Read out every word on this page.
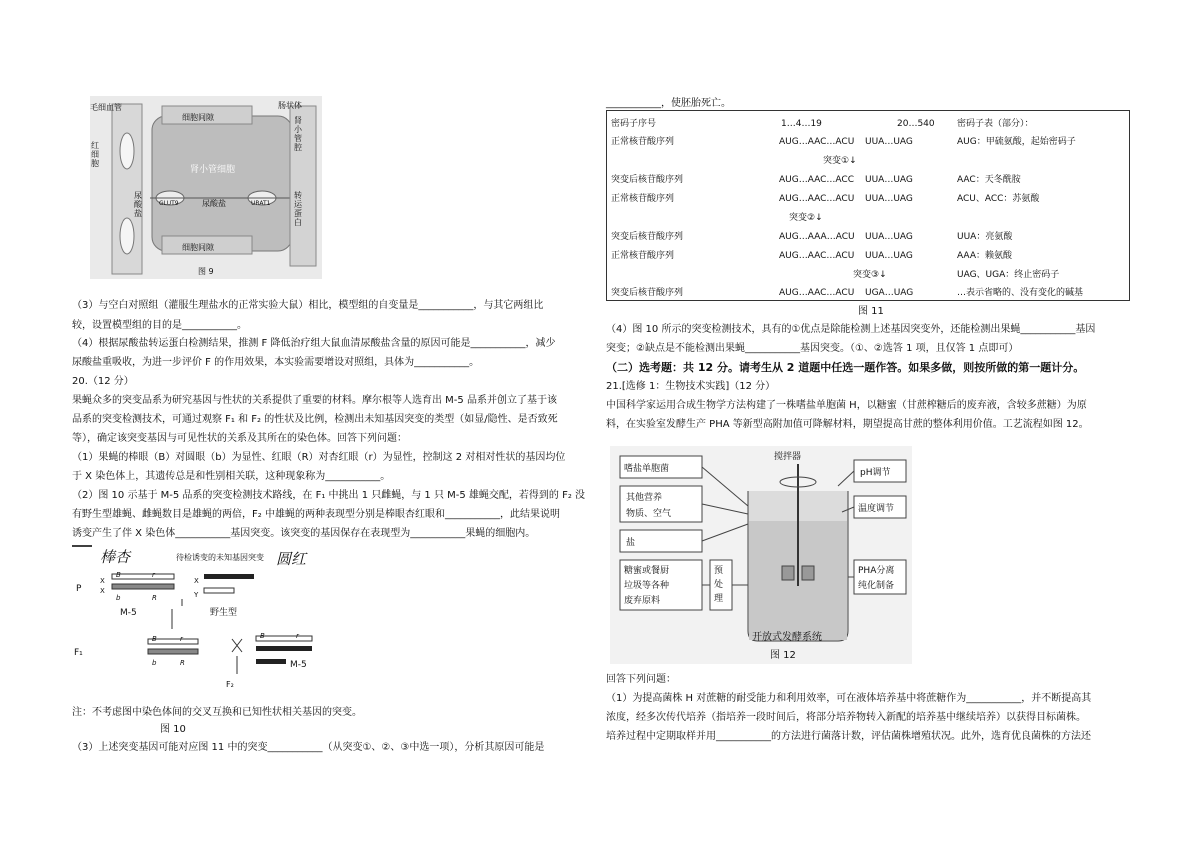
毛细血管	肠状体
红细胞
细胞间隙
肾小管细胞
尿酸盐
尿酸盐
细胞间隙
肾小管腔
转运蛋白
GLUT9	URAT1
图 9
（3）与空白对照组（灌服生理盐水的正常实验大鼠）相比，模型组的自变量是___________，与其它两组比
较，设置模型组的目的是___________。
（4）根据尿酸盐转运蛋白检测结果，推测 F 降低治疗组大鼠血清尿酸盐含量的原因可能是___________，减少
尿酸盐重吸收，为进一步评价 F 的作用效果，本实验需要增设对照组，具体为___________。
20.（12 分）
果蝇众多的突变品系为研究基因与性状的关系提供了重要的材料。摩尔根等人选育出 M-5 品系并创立了基于该
品系的突变检测技术，可通过观察 F₁ 和 F₂ 的性状及比例，检测出未知基因突变的类型（如显/隐性、是否致死
等），确定该突变基因与可见性状的关系及其所在的染色体。回答下列问题：
（1）果蝇的棒眼（B）对圆眼（b）为显性、红眼（R）对杏红眼（r）为显性，控制这 2 对相对性状的基因均位
于 X 染色体上，其遗传总是和性别相关联，这种现象称为___________。
（2）图 10 示基于 M-5 品系的突变检测技术路线，在 F₁ 中挑出 1 只雌蝇，与 1 只 M-5 雄蝇交配，若得到的 F₂ 没
有野生型雄蝇、雌蝇数目是雄蝇的两倍，F₂ 中雄蝇的两种表现型分别是棒眼杏红眼和___________，此结果说明
诱变产生了伴 X 染色体___________基因突变。该突变的基因保存在表现型为___________果蝇的细胞内。
棒杏	待检诱变的未知基因突变 圆红
P
B	r
b	R
X
X	Y
X
M-5	野生型
F₁
B	r
b	R
B	r
M-5
F₂
注：不考虑图中染色体间的交叉互换和已知性状相关基因的突变。
图 10
（3）上述突变基因可能对应图 11 中的突变___________（从突变①、②、③中选一项），分析其原因可能是
___________，使胚胎死亡。
密码子序号	1…4…19	20…540 密码子表（部分）：
正常核苷酸序列	AUG…AAC…ACU UUA…UAG	AUG：甲硫氨酸，起始密码子
突变①↓
突变后核苷酸序列	AUG…AAC…ACC UUA…UAG	AAC：天冬酰胺
正常核苷酸序列	AUG…AAC…ACU UUA…UAG	ACU、ACC：苏氨酸
突变②↓
突变后核苷酸序列	AUG…AAA…ACU UUA…UAG	UUA：亮氨酸
正常核苷酸序列	AUG…AAC…ACU UUA…UAG	AAA：赖氨酸
突变③↓	UAG、UGA：终止密码子
突变后核苷酸序列	AUG…AAC…ACU UGA…UAG	…表示省略的、没有变化的碱基
图 11
（4）图 10 所示的突变检测技术，具有的①优点是除能检测上述基因突变外，还能检测出果蝇___________基因
突变；②缺点是不能检测出果蝇___________基因突变。（①、②选答 1 项，且仅答 1 点即可）
（二）选考题：共 12 分。请考生从 2 道题中任选一题作答。如果多做，则按所做的第一题计分。
21.[选修 1：生物技术实践]（12 分）
中国科学家运用合成生物学方法构建了一株嗜盐单胞菌 H，以糖蜜（甘蔗榨糖后的废弃液，含较多蔗糖）为原
料，在实验室发酵生产 PHA 等新型高附加值可降解材料，期望提高甘蔗的整体利用价值。工艺流程如图 12。
搅拌器
嗜盐单胞菌
其他营养
物质、空气
盐
糖蜜或餐厨
垃圾等各种
废弃原料
预处理
pH调节
温度调节
PHA分离
纯化制备
开放式发酵系统
图 12
回答下列问题：
（1）为提高菌株 H 对蔗糖的耐受能力和利用效率，可在液体培养基中将蔗糖作为___________，并不断提高其
浓度，经多次传代培养（指培养一段时间后，将部分培养物转入新配的培养基中继续培养）以获得目标菌株。
培养过程中定期取样并用___________的方法进行菌落计数，评估菌株增殖状况。此外，选育优良菌株的方法还
